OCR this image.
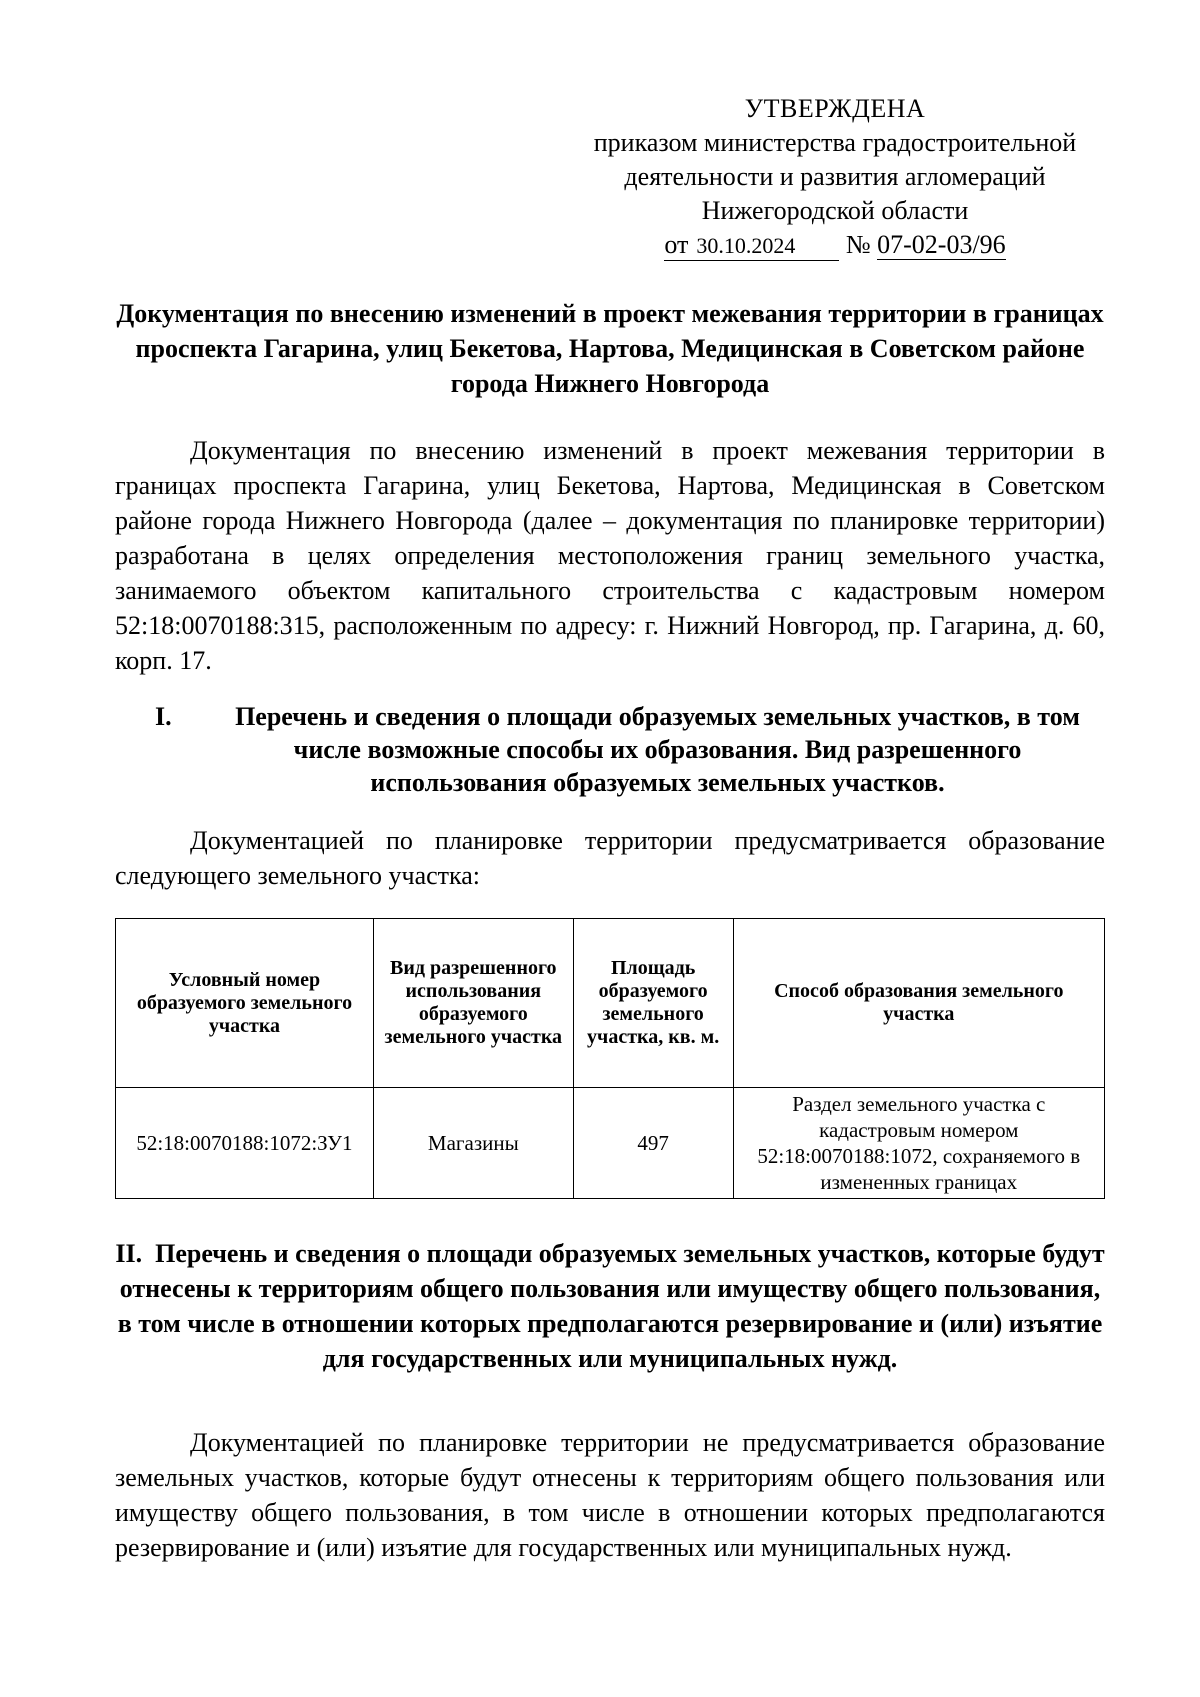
УТВЕРЖДЕНА
приказом министерства градостроительной
деятельности и развития агломераций
Нижегородской области
от 30.10.2024 № 07-02-03/96
Документация по внесению изменений в проект межевания территории в границах проспекта Гагарина, улиц Бекетова, Нартова, Медицинская в Советском районе города Нижнего Новгорода

Документация по внесению изменений в проект межевания территории в границах проспекта Гагарина, улиц Бекетова, Нартова, Медицинская в Советском районе города Нижнего Новгорода (далее – документация по планировке территории) разработана в целях определения местоположения границ земельного участка, занимаемого объектом капитального строительства с кадастровым номером 52:18:0070188:315, расположенным по адресу: г. Нижний Новгород, пр. Гагарина, д. 60, корп. 17.

I.	Перечень и сведения о площади образуемых земельных участков, в том числе возможные способы их образования. Вид разрешенного использования образуемых земельных участков.

Документацией по планировке территории предусматривается образование следующего земельного участка:

Условный номер образуемого земельного участка	Вид разрешенного использования образуемого земельного участка	Площадь образуемого земельного участка, кв. м.	Способ образования земельного участка
52:18:0070188:1072:ЗУ1	Магазины	497	Раздел земельного участка с кадастровым номером 52:18:0070188:1072, сохраняемого в измененных границах
II. Перечень и сведения о площади образуемых земельных участков, которые будут отнесены к территориям общего пользования или имуществу общего пользования, в том числе в отношении которых предполагаются резервирование и (или) изъятие для государственных или муниципальных нужд.

Документацией по планировке территории не предусматривается образование земельных участков, которые будут отнесены к территориям общего пользования или имуществу общего пользования, в том числе в отношении которых предполагаются резервирование и (или) изъятие для государственных или муниципальных нужд.
